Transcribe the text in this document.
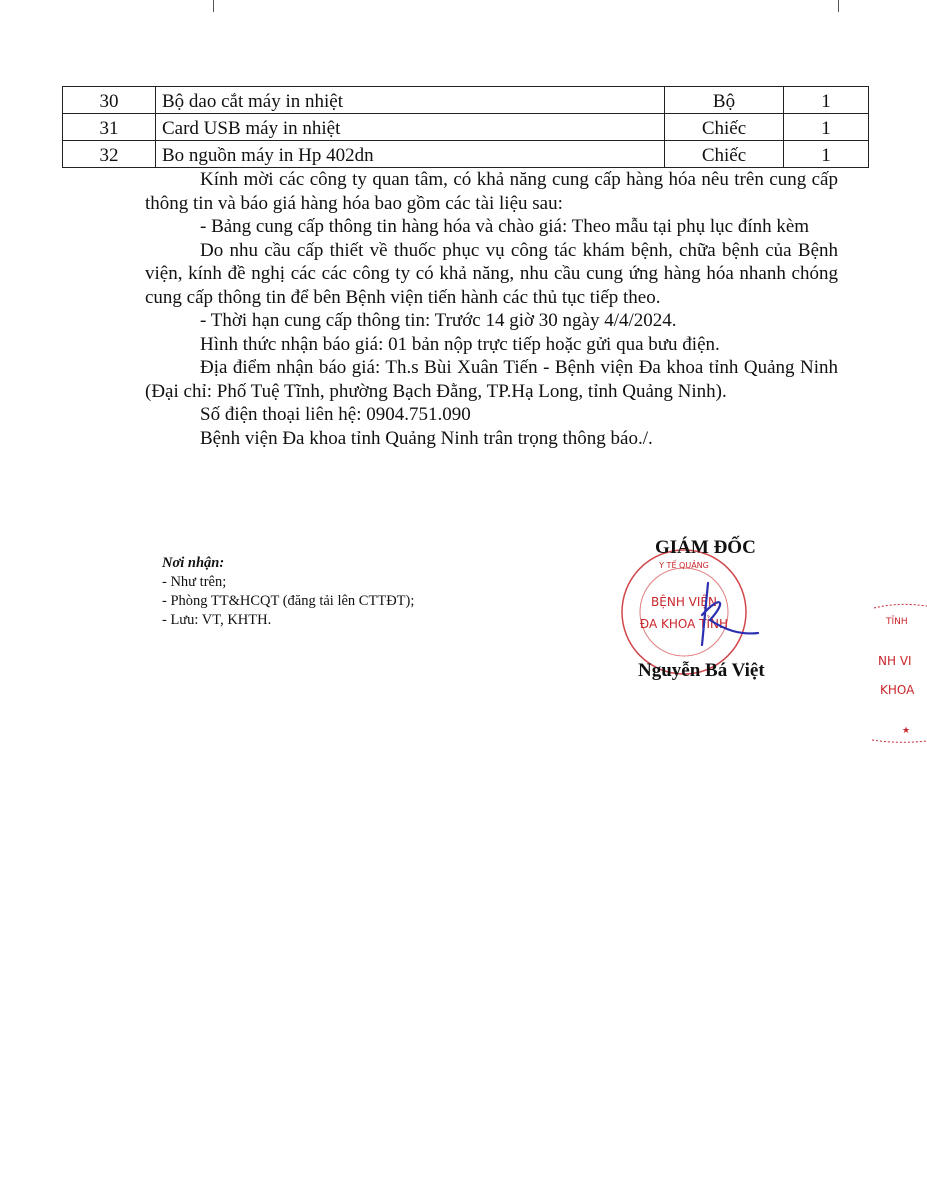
30	Bộ dao cắt máy in nhiệt	Bộ	1
31	Card USB máy in nhiệt	Chiếc	1
32	Bo nguồn máy in Hp 402dn	Chiếc	1

Kính mời các công ty quan tâm, có khả năng cung cấp hàng hóa nêu trên cung cấp thông tin và báo giá hàng hóa bao gồm các tài liệu sau:

- Bảng cung cấp thông tin hàng hóa và chào giá: Theo mẫu tại phụ lục đính kèm

Do nhu cầu cấp thiết về thuốc phục vụ công tác khám bệnh, chữa bệnh của Bệnh viện, kính đề nghị các các công ty có khả năng, nhu cầu cung ứng hàng hóa nhanh chóng cung cấp thông tin để bên Bệnh viện tiến hành các thủ tục tiếp theo.

- Thời hạn cung cấp thông tin: Trước 14 giờ 30 ngày 4/4/2024.

Hình thức nhận báo giá: 01 bản nộp trực tiếp hoặc gửi qua bưu điện.

Địa điểm nhận báo giá: Th.s Bùi Xuân Tiến - Bệnh viện Đa khoa tỉnh Quảng Ninh (Đại chỉ: Phố Tuệ Tĩnh, phường Bạch Đằng, TP.Hạ Long, tỉnh Quảng Ninh).

Số điện thoại liên hệ: 0904.751.090

Bệnh viện Đa khoa tỉnh Quảng Ninh trân trọng thông báo./.

Nơi nhận:
- Như trên;
- Phòng TT&HCQT (đăng tải lên CTTĐT);
- Lưu: VT, KHTH.
Y TẾ QUẢNG
BỆNH VIỆN
ĐA KHOA TỈNH
GIÁM ĐỐC
Nguyễn Bá Việt
TỈNH
NH VI
KHOA
★
